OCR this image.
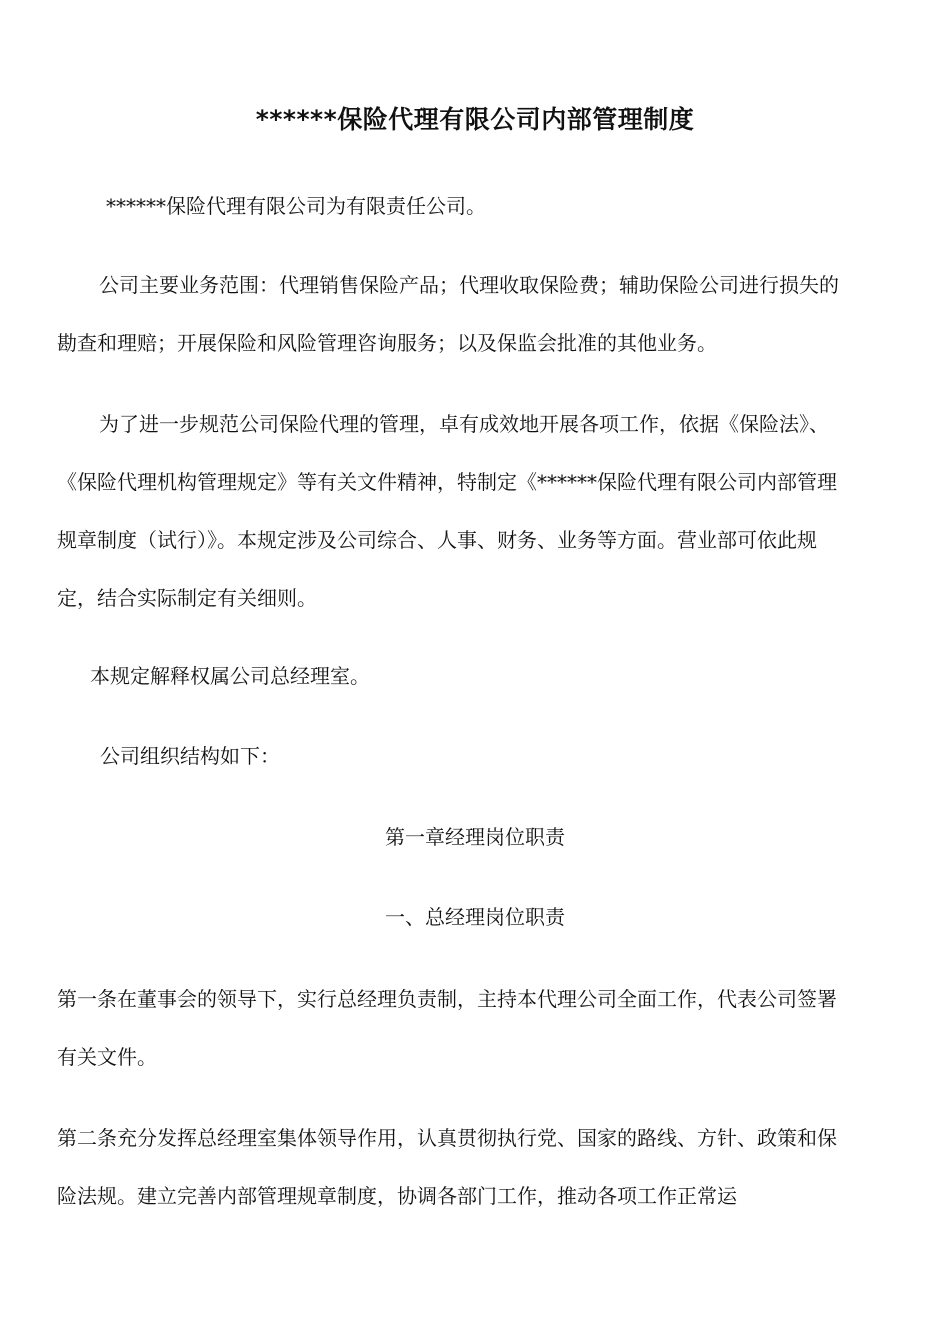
******保险代理有限公司内部管理制度

******保险代理有限公司为有限责任公司。

公司主要业务范围：代理销售保险产品；代理收取保险费；辅助保险公司进行损失的
勘查和理赔；开展保险和风险管理咨询服务；以及保监会批准的其他业务。

为了进一步规范公司保险代理的管理，卓有成效地开展各项工作，依据《保险法》、
《保险代理机构管理规定》等有关文件精神，特制定《******保险代理有限公司内部管理
规章制度（试行）》。本规定涉及公司综合、人事、财务、业务等方面。营业部可依此规
定，结合实际制定有关细则。

本规定解释权属公司总经理室。

公司组织结构如下：

第一章经理岗位职责
一、总经理岗位职责

第一条在董事会的领导下，实行总经理负责制，主持本代理公司全面工作，代表公司签署
有关文件。

第二条充分发挥总经理室集体领导作用，认真贯彻执行党、国家的路线、方针、政策和保
险法规。建立完善内部管理规章制度，协调各部门工作，推动各项工作正常运
